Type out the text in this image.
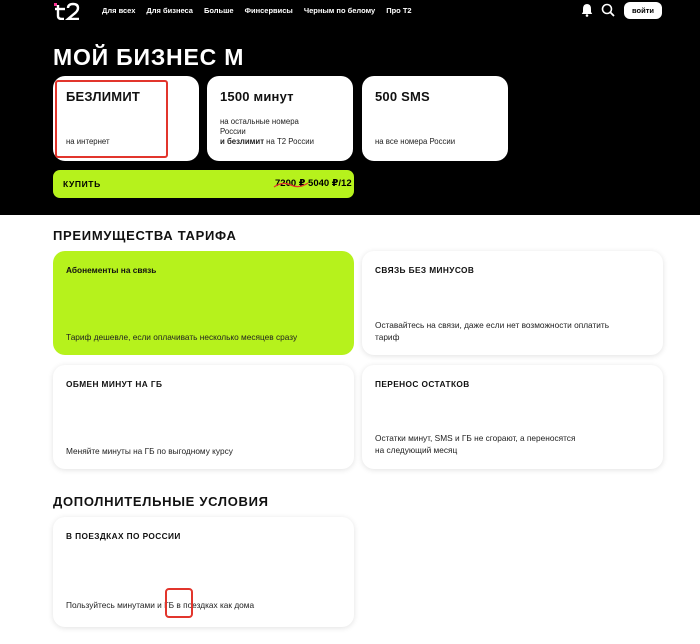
Для всех Для бизнеса Больше Финсервисы Черным по белому Про T2	войти
МОЙ БИЗНЕС М
БЕЗЛИМИТ
на интернет
1500 минут
на остальные номера
России
и безлимит на T2 России
500 SMS
на все номера России
КУПИТЬ	7200 ₽ 5040 ₽/12 МЕС
ПРЕИМУЩЕСТВА ТАРИФА
Абонементы на связь
Тариф дешевле, если оплачивать несколько месяцев сразу
СВЯЗЬ БЕЗ МИНУСОВ
Оставайтесь на связи, даже если нет возможности оплатить
тариф
ОБМЕН МИНУТ НА ГБ
Меняйте минуты на ГБ по выгодному курсу
ПЕРЕНОС ОСТАТКОВ
Остатки минут, SMS и ГБ не сгорают, а переносятся
на следующий месяц
ДОПОЛНИТЕЛЬНЫЕ УСЛОВИЯ
В ПОЕЗДКАХ ПО РОССИИ
Пользуйтесь минутами и ГБ в поездках как дома
